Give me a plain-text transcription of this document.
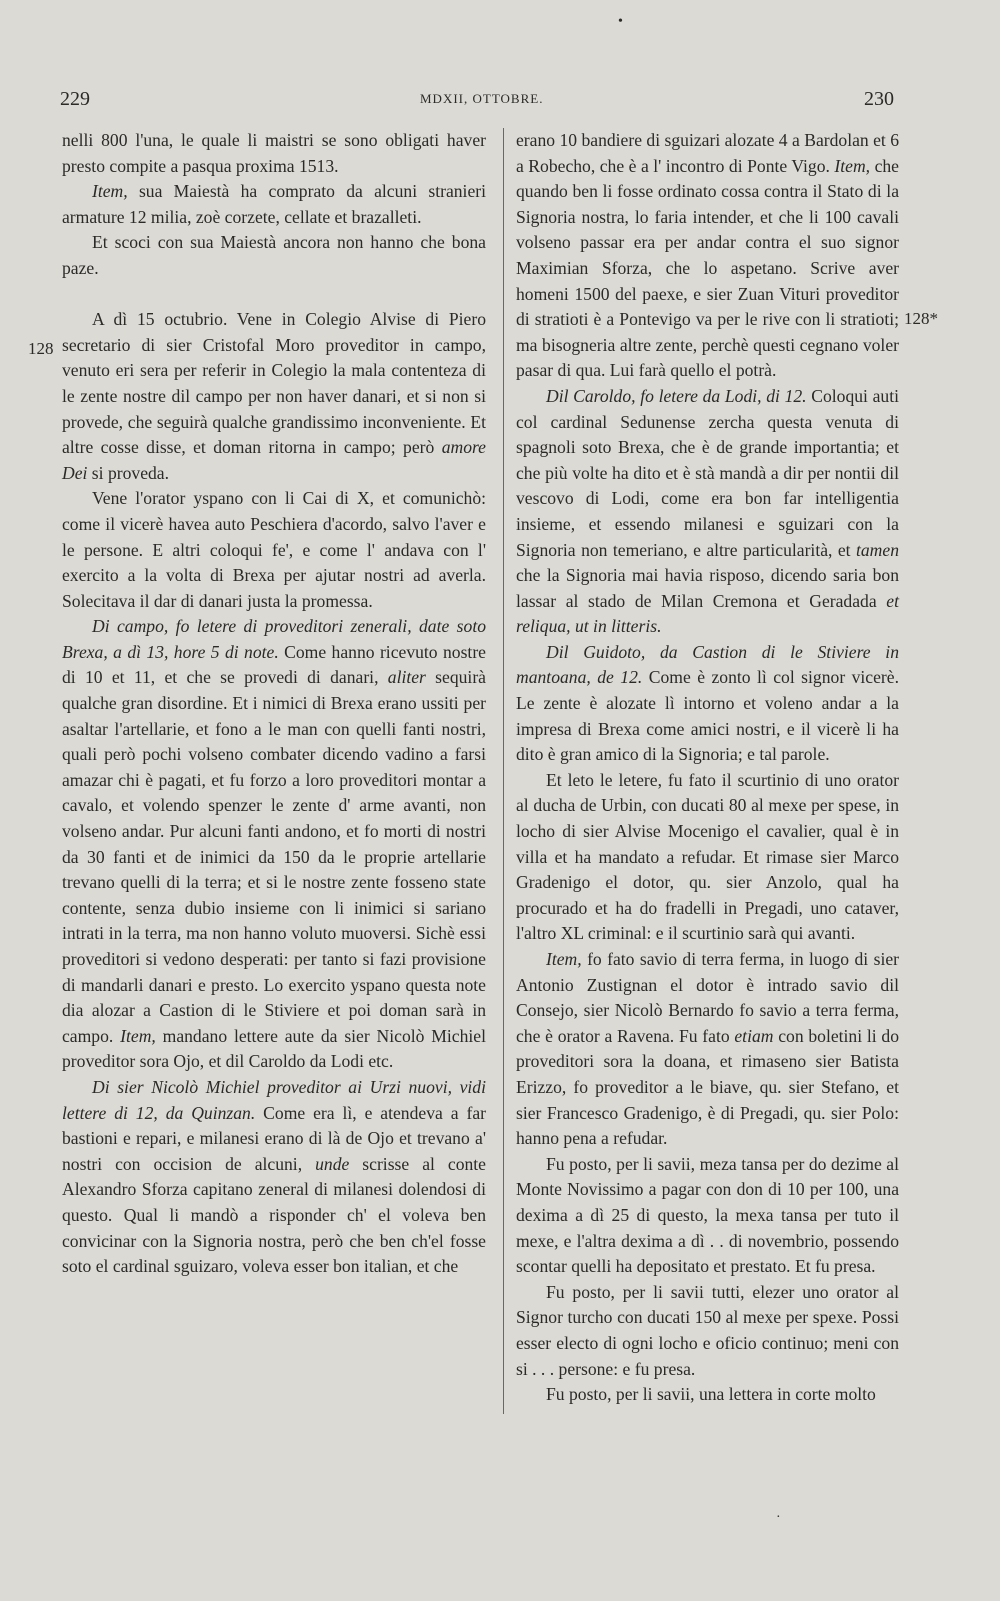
229	MDXII, OTTOBRE.	230
•
128
128*

nelli 800 l'una, le quale li maistri se sono obligati haver presto compite a pasqua proxima 1513.

Item, sua Maiestà ha comprato da alcuni stranieri armature 12 milia, zoè corzete, cellate et brazalleti.

Et scoci con sua Maiestà ancora non hanno che bona paze.

A dì 15 octubrio. Vene in Colegio Alvise di Piero secretario di sier Cristofal Moro proveditor in campo, venuto eri sera per referir in Colegio la mala contenteza di le zente nostre dil campo per non haver danari, et si non si provede, che seguirà qualche grandissimo inconveniente. Et altre cosse disse, et doman ritorna in campo; però amore Dei si proveda.

Vene l'orator yspano con li Cai di X, et comunichò: come il vicerè havea auto Peschiera d'acordo, salvo l'aver e le persone. E altri coloqui fe', e come l' andava con l' exercito a la volta di Brexa per ajutar nostri ad averla. Solecitava il dar di danari justa la promessa.

Di campo, fo letere di proveditori zenerali, date soto Brexa, a dì 13, hore 5 di note. Come hanno ricevuto nostre di 10 et 11, et che se provedi di danari, aliter sequirà qualche gran disordine. Et i nimici di Brexa erano ussiti per asaltar l'artellarie, et fono a le man con quelli fanti nostri, quali però pochi volseno combater dicendo vadino a farsi amazar chi è pagati, et fu forzo a loro proveditori montar a cavalo, et volendo spenzer le zente d' arme avanti, non volseno andar. Pur alcuni fanti andono, et fo morti di nostri da 30 fanti et de inimici da 150 da le proprie artellarie trevano quelli di la terra; et si le nostre zente fosseno state contente, senza dubio insieme con li inimici si sariano intrati in la terra, ma non hanno voluto muoversi. Sichè essi proveditori si vedono desperati: per tanto si fazi provisione di mandarli danari e presto. Lo exercito yspano questa note dia alozar a Castion di le Stiviere et poi doman sarà in campo. Item, mandano lettere aute da sier Nicolò Michiel proveditor sora Ojo, et dil Caroldo da Lodi etc.

Di sier Nicolò Michiel proveditor ai Urzi nuovi, vidi lettere di 12, da Quinzan. Come era lì, e atendeva a far bastioni e repari, e milanesi erano di là de Ojo et trevano a' nostri con occision de alcuni, unde scrisse al conte Alexandro Sforza capitano zeneral di milanesi dolendosi di questo. Qual li mandò a risponder ch' el voleva ben convicinar con la Signoria nostra, però che ben ch'el fosse soto el cardinal sguizaro, voleva esser bon italian, et che

erano 10 bandiere di sguizari alozate 4 a Bardolan et 6 a Robecho, che è a l' incontro di Ponte Vigo. Item, che quando ben li fosse ordinato cossa contra il Stato di la Signoria nostra, lo faria intender, et che li 100 cavali volseno passar era per andar contra el suo signor Maximian Sforza, che lo aspetano. Scrive aver homeni 1500 del paexe, e sier Zuan Vituri proveditor di stratioti è a Pontevigo va per le rive con li stratioti; ma bisogneria altre zente, perchè questi cegnano voler pasar di qua. Lui farà quello el potrà.

Dil Caroldo, fo letere da Lodi, di 12. Coloqui auti col cardinal Sedunense zercha questa venuta di spagnoli soto Brexa, che è de grande importantia; et che più volte ha dito et è stà mandà a dir per nontii dil vescovo di Lodi, come era bon far intelligentia insieme, et essendo milanesi e sguizari con la Signoria non temeriano, e altre particularità, et tamen che la Signoria mai havia risposo, dicendo saria bon lassar al stado de Milan Cremona et Geradada et reliqua, ut in litteris.

Dil Guidoto, da Castion di le Stiviere in mantoana, de 12. Come è zonto lì col signor vicerè. Le zente è alozate lì intorno et voleno andar a la impresa di Brexa come amici nostri, e il vicerè li ha dito è gran amico di la Signoria; e tal parole.

Et leto le letere, fu fato il scurtinio di uno orator al ducha de Urbin, con ducati 80 al mexe per spese, in locho di sier Alvise Mocenigo el cavalier, qual è in villa et ha mandato a refudar. Et rimase sier Marco Gradenigo el dotor, qu. sier Anzolo, qual ha procurado et ha do fradelli in Pregadi, uno cataver, l'altro XL criminal: e il scurtinio sarà qui avanti.

Item, fo fato savio di terra ferma, in luogo di sier Antonio Zustignan el dotor è intrado savio dil Consejo, sier Nicolò Bernardo fo savio a terra ferma, che è orator a Ravena. Fu fato etiam con boletini li do proveditori sora la doana, et rimaseno sier Batista Erizzo, fo proveditor a le biave, qu. sier Stefano, et sier Francesco Gradenigo, è di Pregadi, qu. sier Polo: hanno pena a refudar.

Fu posto, per li savii, meza tansa per do dezime al Monte Novissimo a pagar con don di 10 per 100, una dexima a dì 25 di questo, la mexa tansa per tuto il mexe, e l'altra dexima a dì . . di novembrio, possendo scontar quelli ha depositato et prestato. Et fu presa.

Fu posto, per li savii tutti, elezer uno orator al Signor turcho con ducati 150 al mexe per spexe. Possi esser electo di ogni locho e oficio continuo; meni con si . . . persone: e fu presa.

Fu posto, per li savii, una lettera in corte molto

·
